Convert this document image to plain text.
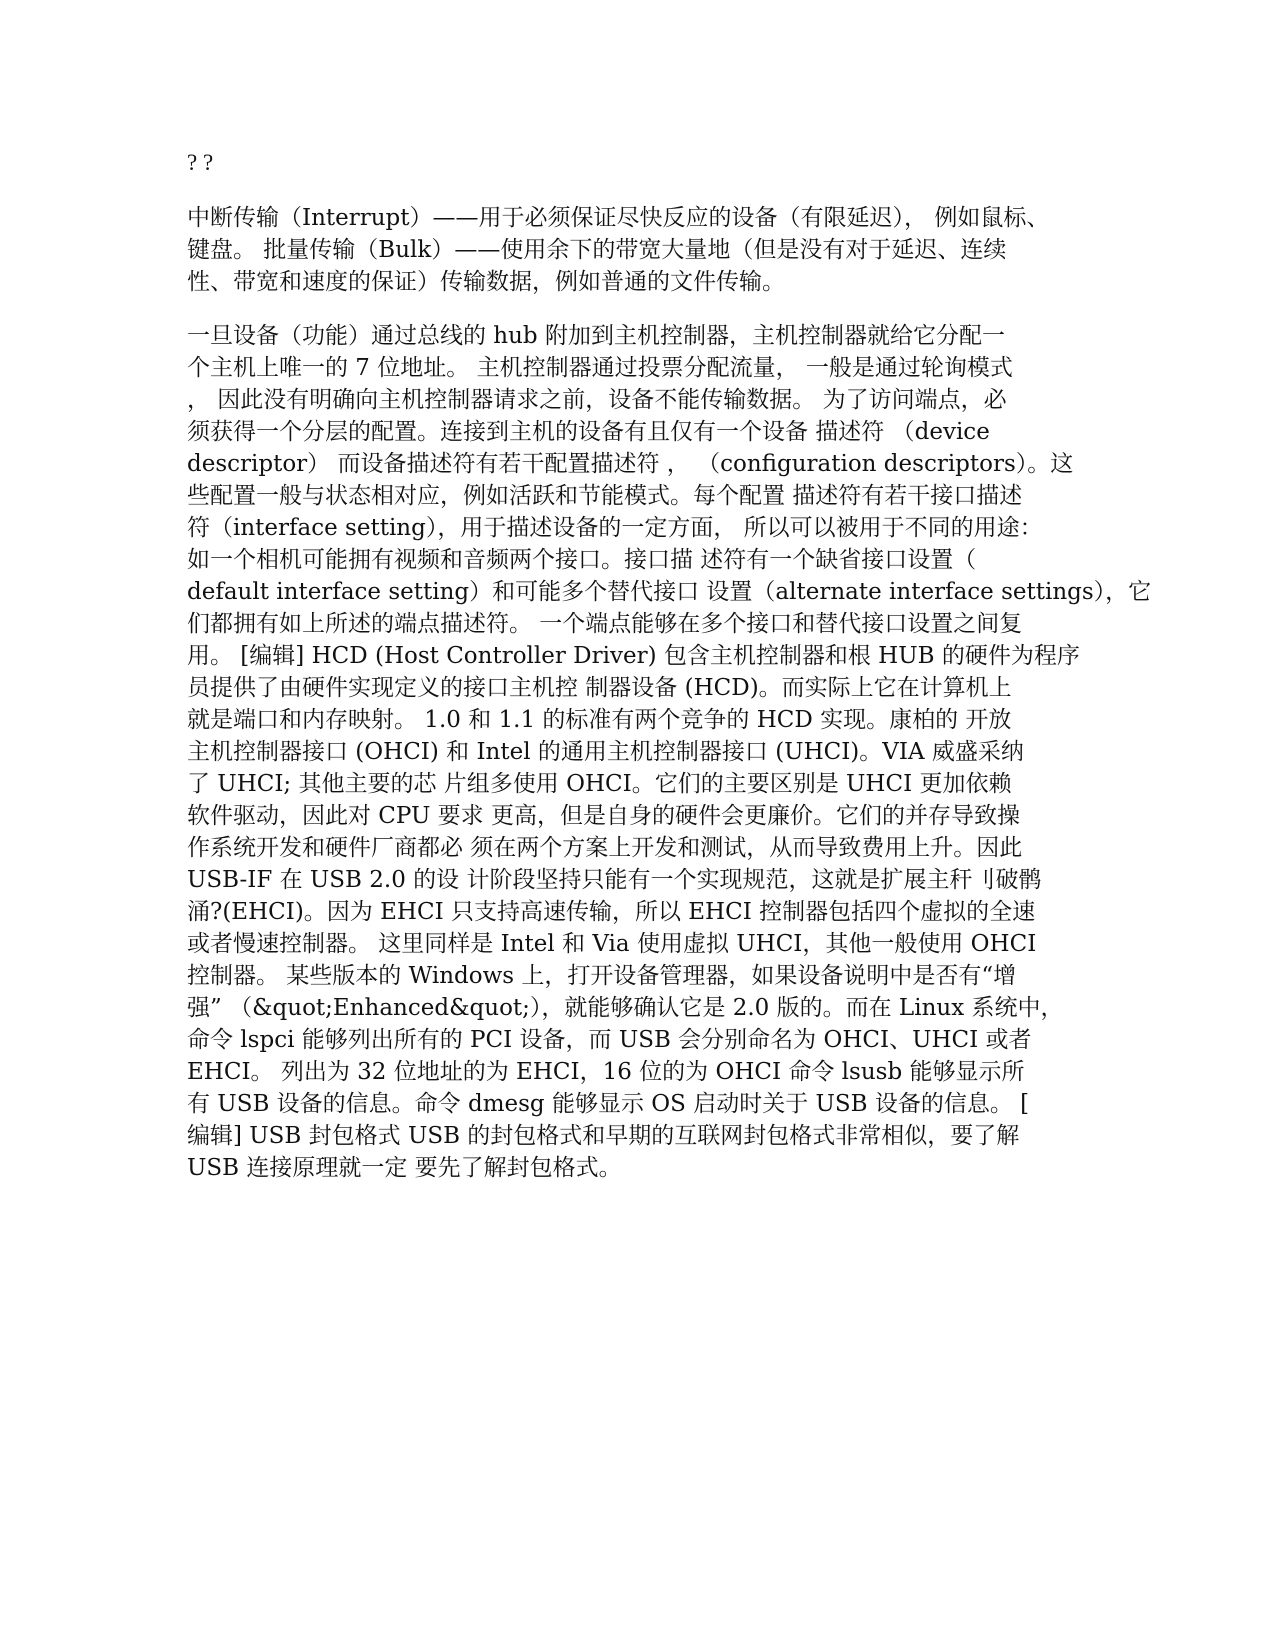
? ?
中断传输（Interrupt）——用于必须保证尽快反应的设备（有限延迟）， 例如鼠标、
键盘。 批量传输（Bulk）——使用余下的带宽大量地（但是没有对于延迟、连续
性、带宽和速度的保证）传输数据，例如普通的文件传输。
一旦设备（功能）通过总线的 hub 附加到主机控制器，主机控制器就给它分配一
个主机上唯一的 7 位地址。 主机控制器通过投票分配流量， 一般是通过轮询模式
， 因此没有明确向主机控制器请求之前，设备不能传输数据。 为了访问端点，必
须获得一个分层的配置。连接到主机的设备有且仅有一个设备 描述符 （device
descriptor） 而设备描述符有若干配置描述符 ， （configuration descriptors）。这
些配置一般与状态相对应，例如活跃和节能模式。每个配置 描述符有若干接口描述
符（interface setting），用于描述设备的一定方面， 所以可以被用于不同的用途：
如一个相机可能拥有视频和音频两个接口。接口描 述符有一个缺省接口设置（
default interface setting）和可能多个替代接口 设置（alternate interface settings），它
们都拥有如上所述的端点描述符。 一个端点能够在多个接口和替代接口设置之间复
用。 [编辑] HCD (Host Controller Driver) 包含主机控制器和根 HUB 的硬件为程序
员提供了由硬件实现定义的接口主机控 制器设备 (HCD)。而实际上它在计算机上
就是端口和内存映射。 1.0 和 1.1 的标准有两个竞争的 HCD 实现。康柏的 开放
主机控制器接口 (OHCI) 和 Intel 的通用主机控制器接口 (UHCI)。VIA 威盛采纳
了 UHCI; 其他主要的芯 片组多使用 OHCI。它们的主要区别是 UHCI 更加依赖
软件驱动，因此对 CPU 要求 更高，但是自身的硬件会更廉价。它们的并存导致操
作系统开发和硬件厂商都必 须在两个方案上开发和测试，从而导致费用上升。因此
USB-IF 在 USB 2.0 的设 计阶段坚持只能有一个实现规范，这就是扩展主秆刂破鹘
涌?(EHCI)。因为 EHCI 只支持高速传输，所以 EHCI 控制器包括四个虚拟的全速
或者慢速控制器。 这里同样是 Intel 和 Via 使用虚拟 UHCI，其他一般使用 OHCI
控制器。 某些版本的 Windows 上，打开设备管理器，如果设备说明中是否有“增
强” （&quot;Enhanced&quot;），就能够确认它是 2.0 版的。而在 Linux 系统中，
命令 lspci 能够列出所有的 PCI 设备，而 USB 会分别命名为 OHCI、UHCI 或者
EHCI。 列出为 32 位地址的为 EHCI，16 位的为 OHCI 命令 lsusb 能够显示所
有 USB 设备的信息。命令 dmesg 能够显示 OS 启动时关于 USB 设备的信息。 [
编辑] USB 封包格式 USB 的封包格式和早期的互联网封包格式非常相似，要了解
USB 连接原理就一定 要先了解封包格式。
